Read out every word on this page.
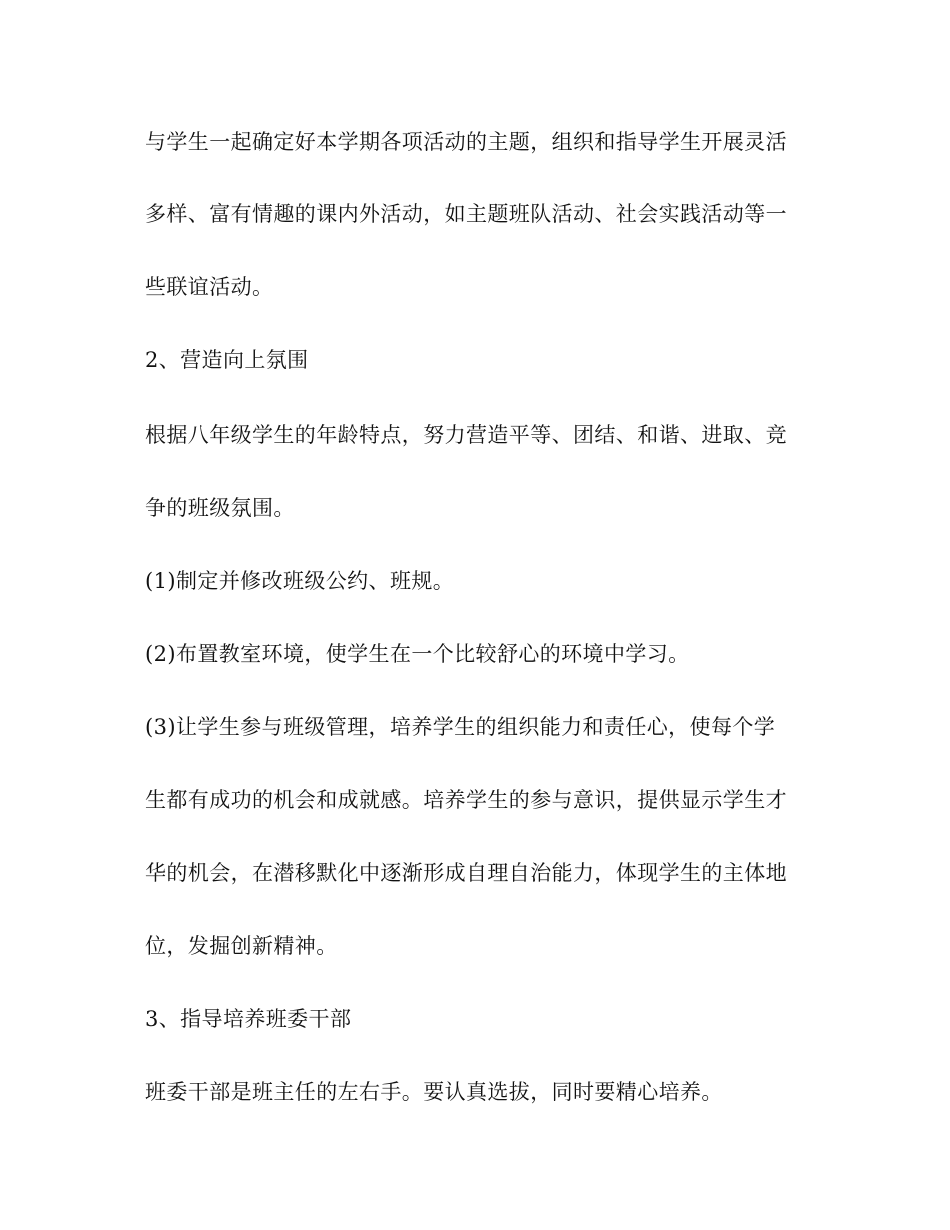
与学生一起确定好本学期各项活动的主题，组织和指导学生开展灵活
多样、富有情趣的课内外活动，如主题班队活动、社会实践活动等一
些联谊活动。
2、营造向上氛围
根据八年级学生的年龄特点，努力营造平等、团结、和谐、进取、竞
争的班级氛围。
(1)制定并修改班级公约、班规。
(2)布置教室环境，使学生在一个比较舒心的环境中学习。
(3)让学生参与班级管理，培养学生的组织能力和责任心，使每个学
生都有成功的机会和成就感。培养学生的参与意识，提供显示学生才
华的机会，在潜移默化中逐渐形成自理自治能力，体现学生的主体地
位，发掘创新精神。
3、指导培养班委干部
班委干部是班主任的左右手。要认真选拔，同时要精心培养。
